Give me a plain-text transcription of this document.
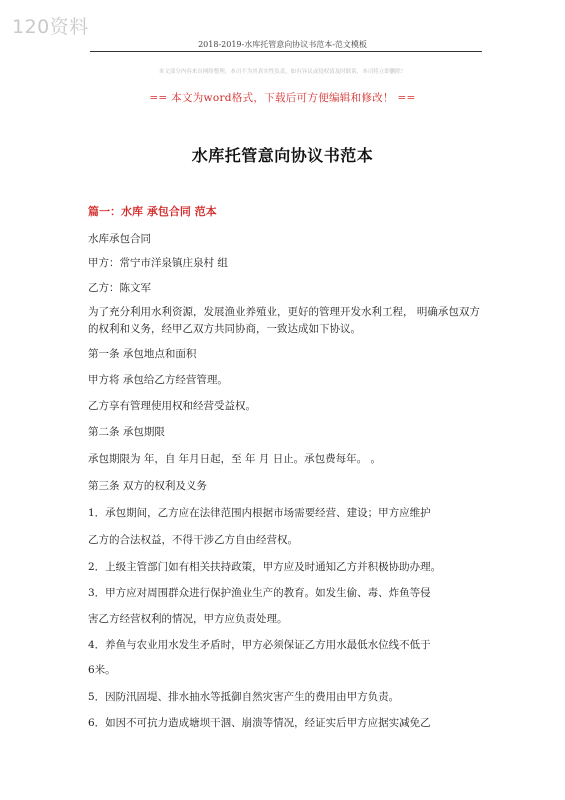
120资料
2018-2019-水库托管意向协议书范本-范文模板
本文部分内容来自网络整理，本司不为其真实性负责，如有异议或侵权请及时联系，本司将立即删除！
== 本文为word格式，下载后可方便编辑和修改！ ==
水库托管意向协议书范本
篇一：水库 承包合同 范本
水库承包合同
甲方：常宁市洋泉镇庄泉村 组
乙方：陈文军
为了充分利用水利资源，发展渔业养殖业，更好的管理开发水利工程， 明确承包双方的权利和义务，经甲乙双方共同协商，一致达成如下协议。
第一条 承包地点和面积
甲方将 承包给乙方经营管理。
乙方享有管理使用权和经营受益权。
第二条 承包期限
承包期限为 年，自 年月日起，至 年 月 日止。承包费每年。 。
第三条 双方的权利及义务
1．承包期间，乙方应在法律范围内根据市场需要经营、建设；甲方应维护
乙方的合法权益，不得干涉乙方自由经营权。
2．上级主管部门如有相关扶持政策，甲方应及时通知乙方并积极协助办理。
3．甲方应对周围群众进行保护渔业生产的教育。如发生偷、毒、炸鱼等侵
害乙方经营权利的情况，甲方应负责处理。
4．养鱼与农业用水发生矛盾时，甲方必须保证乙方用水最低水位线不低于
6米。
5．因防汛固堤、排水抽水等抵御自然灾害产生的费用由甲方负责。
6．如因不可抗力造成塘坝干涸、崩溃等情况，经证实后甲方应据实减免乙
